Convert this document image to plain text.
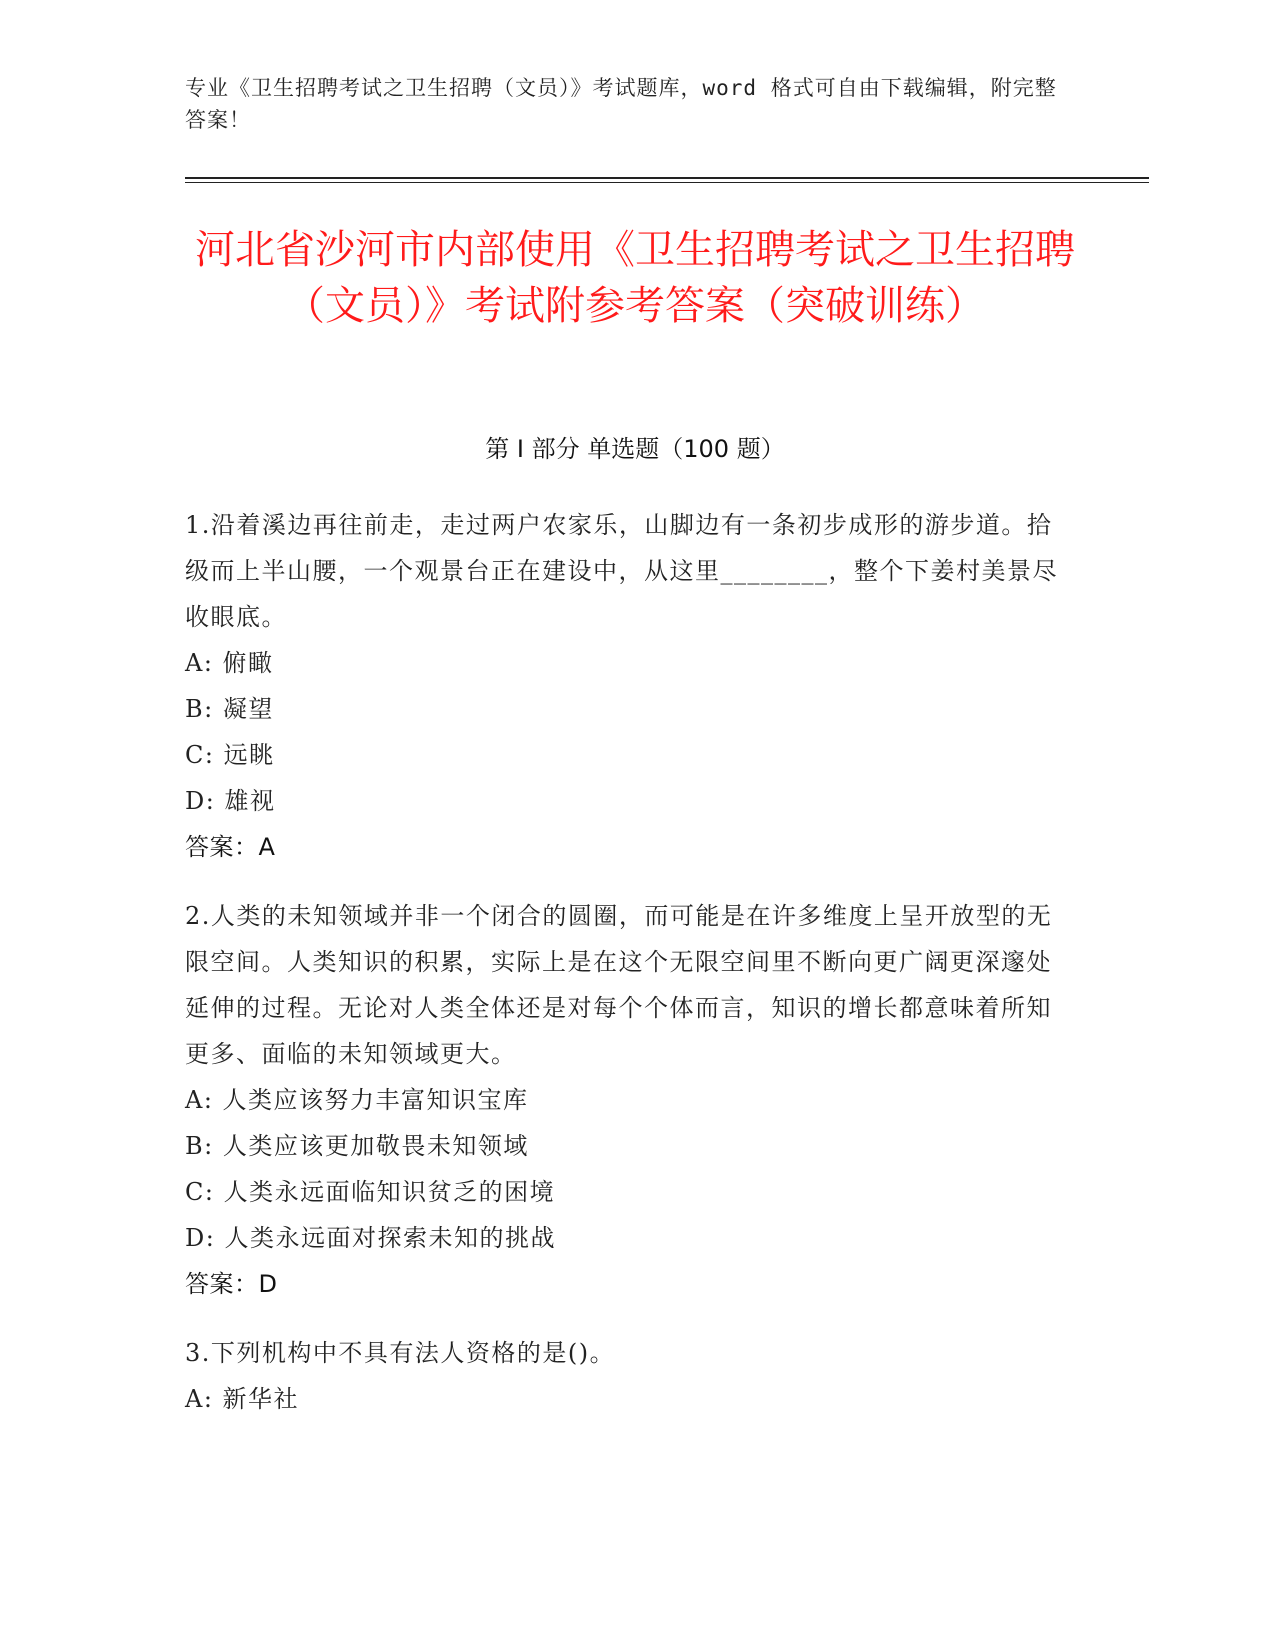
专业《卫生招聘考试之卫生招聘（文员）》考试题库，word 格式可自由下载编辑，附完整答案！
河北省沙河市内部使用《卫生招聘考试之卫生招聘（文员）》考试附参考答案（突破训练）
第 I 部分 单选题（100 题）
1.沿着溪边再往前走，走过两户农家乐，山脚边有一条初步成形的游步道。拾级而上半山腰，一个观景台正在建设中，从这里________，整个下姜村美景尽收眼底。
A: 俯瞰
B: 凝望
C: 远眺
D: 雄视
答案：A
2.人类的未知领域并非一个闭合的圆圈，而可能是在许多维度上呈开放型的无限空间。人类知识的积累，实际上是在这个无限空间里不断向更广阔更深邃处延伸的过程。无论对人类全体还是对每个个体而言，知识的增长都意味着所知更多、面临的未知领域更大。
A: 人类应该努力丰富知识宝库
B: 人类应该更加敬畏未知领域
C: 人类永远面临知识贫乏的困境
D: 人类永远面对探索未知的挑战
答案：D
3.下列机构中不具有法人资格的是()。
A: 新华社
